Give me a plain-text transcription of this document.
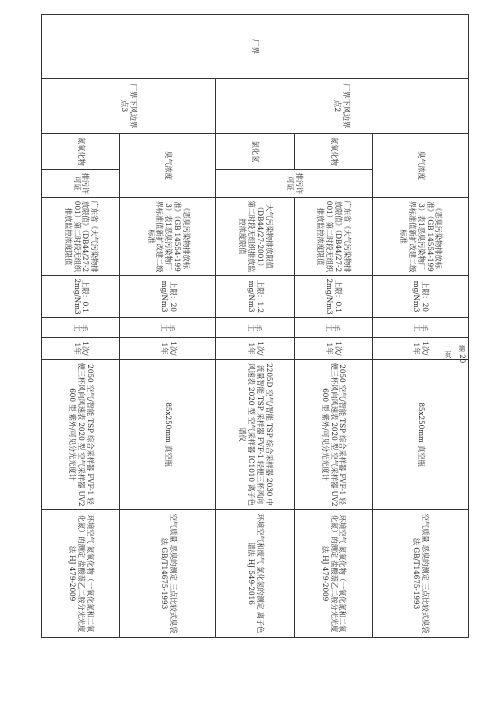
厂界	厂界下风边界点2	臭气浓度		《恶臭污染物排放标准》（GB 14554-1993）表1恶臭污染物厂界标准值新扩改建二级标准	上限：20mg/Nm3	手工	1次/1年	85x250mm 真空瓶	空气质量 恶臭的测定 三点比较式臭袋法 GB/T14675-1993
		氮氧化物	排污许可证	广东省《大气污染物排放限值》（DB44/27-2001）第二时段无组织排放监控浓度限值	上限：0.12mg/Nm3	手工	1次/1年	2050 空气/智能 TSP 综合采样器 FVF-1 轻便三杯风向风速表 2020 型 空气采样器 UV2600 型 紫外/可见分光光度计	环境空气 氮氧化物（一氧化氮和二氧化氮）的测定 盐酸萘乙二胺分光光度法 HJ 479-2009
		氯化氢		大气污染物排放限值（DB44/27-2001）第二时段无组织排放监控浓度限值	上限：1.2mg/Nm3	手工	1次/1年	2205D 空气/智能 TSP 综合采样器 2030 中流量智能 TSP 采样器 FVF-1 轻便三杯风向风速表 2020 型 空气采样器 IC1010 离子色谱仪	环境空气和废气 氯化氢的测定 离子色谱法 HJ 549-2016
	厂界下风边界点3	臭气浓度		《恶臭污染物排放标准》（GB 14554-1993）表1恶臭污染物厂界标准值新扩改建二级标准	上限：20mg/Nm3	手工	1次/1年	85x250mm 真空瓶	空气质量 恶臭的测定 三点比较式臭袋法 GB/T14675-1993
		氮氧化物	排污许可证	广东省《大气污染物排放限值》（DB44/27-2001）第二时段无组织排放监控浓度限值	上限：0.12mg/Nm3	手工	1次/1年	2050 空气/智能 TSP 综合采样器 FVF-1 轻便三杯风向风速表 2020 型 空气采样器 UV2600 型 紫外/可见分光光度计	环境空气 氮氧化物（一氧化氮和二氧化氮）的测定 盐酸萘乙二胺分光光度法 HJ 479-2009
第 20 页
